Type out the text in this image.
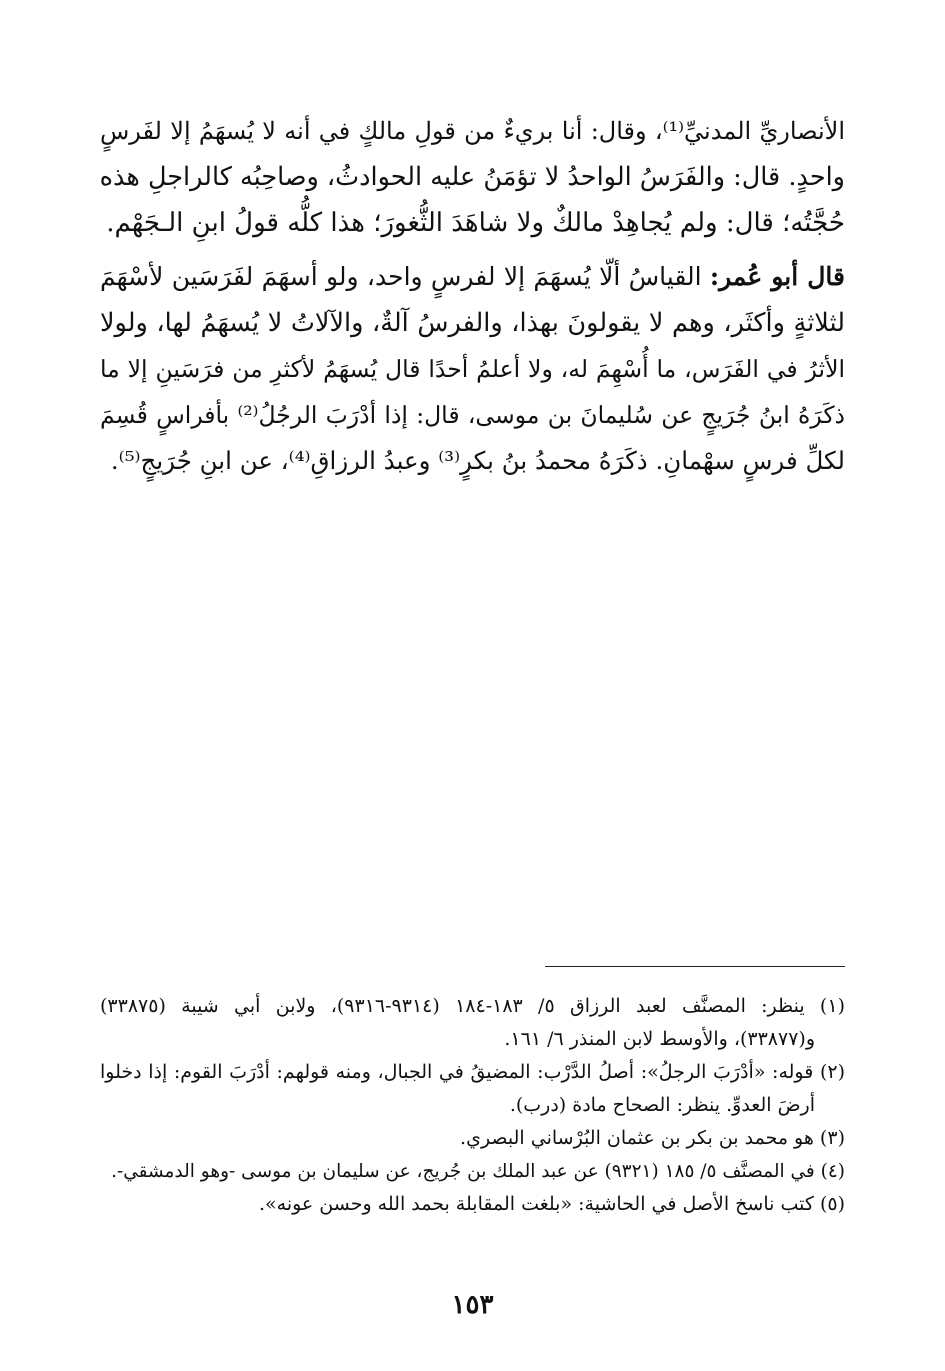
الأنصاريِّ المدنيِّ⁽¹⁾، وقال: أنا بريءٌ من قولِ مالكٍ في أنه لا يُسهَمُ إلا لفَرسٍ
واحدٍ. قال: والفَرَسُ الواحدُ لا تؤمَنُ عليه الحوادثُ، وصاحِبُه كالراجلِ هذه
حُجَّتُه؛ قال: ولم يُجاهِدْ مالكٌ ولا شاهَدَ الثُّغورَ؛ هذا كلُّه قولُ ابنِ الـجَهْم.
قال أبو عُمر: القياسُ ألّا يُسهَمَ إلا لفرسٍ واحد، ولو أسهَمَ لفَرَسَين لأسْهَمَ
لثلاثةٍ وأكثَر، وهم لا يقولونَ بهذا، والفرسُ آلةٌ، والآلاتُ لا يُسهَمُ لها، ولولا
الأثرُ في الفَرَس، ما أُسْهِمَ له، ولا أعلمُ أحدًا قال يُسهَمُ لأكثرِ من فرَسَينِ إلا ما
ذكَرَهُ ابنُ جُرَيجٍ عن سُليمانَ بن موسى، قال: إذا أدْرَبَ الرجُلُ⁽²⁾ بأفراسٍ قُسِمَ
لكلِّ فرسٍ سهْمانِ. ذكَرَهُ محمدُ بنُ بكرٍ⁽³⁾ وعبدُ الرزاقِ⁽⁴⁾، عن ابنِ جُرَيجٍ⁽⁵⁾.
(١) ينظر: المصنَّف لعبد الرزاق ٥/ ١٨٣-١٨٤ (٩٣١٤-٩٣١٦)، ولابن أبي شيبة (٣٣٨٧٥)
و(٣٣٨٧٧)، والأوسط لابن المنذر ٦/ ١٦١.
(٢) قوله: «أدْرَبَ الرجلُ»: أصلُ الدَّرْب: المضيقُ في الجبال، ومنه قولهم: أدْرَبَ القوم: إذا دخلوا
أرضَ العدوِّ. ينظر: الصحاح مادة (درب).
(٣) هو محمد بن بكر بن عثمان البُرْساني البصري.
(٤) في المصنَّف ٥/ ١٨٥ (٩٣٢١) عن عبد الملك بن جُريج، عن سليمان بن موسى -وهو الدمشقي-.
(٥) كتب ناسخ الأصل في الحاشية: «بلغت المقابلة بحمد الله وحسن عونه».
١٥٣
